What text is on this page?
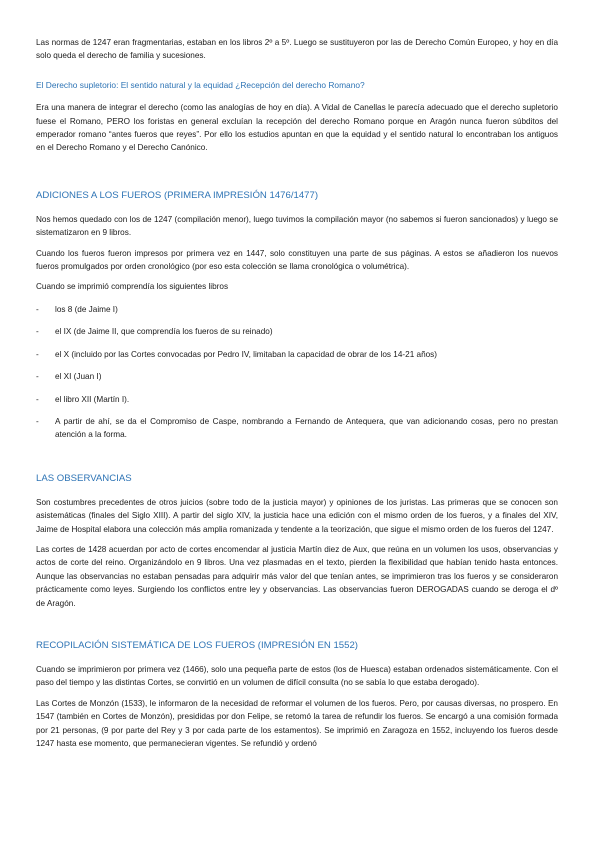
Las normas de 1247 eran fragmentarias, estaban en los libros 2º a 5º. Luego se sustituyeron por las de Derecho Común Europeo, y hoy en día solo queda el derecho de familia y sucesiones.

El Derecho supletorio: El sentido natural y la equidad ¿Recepción del derecho Romano?

Era una manera de integrar el derecho (como las analogías de hoy en día). A Vidal de Canellas le parecía adecuado que el derecho supletorio fuese el Romano, PERO los foristas en general excluían la recepción del derecho Romano porque en Aragón nunca fueron súbditos del emperador romano “antes fueros que reyes”. Por ello los estudios apuntan en que la equidad y el sentido natural lo encontraban los antiguos en el Derecho Romano y el Derecho Canónico.

ADICIONES A LOS FUEROS (PRIMERA IMPRESIÓN 1476/1477)

Nos hemos quedado con los de 1247 (compilación menor), luego tuvimos la compilación mayor (no sabemos si fueron sancionados) y luego se sistematizaron en 9 libros.

Cuando los fueros fueron impresos por primera vez en 1447, solo constituyen una parte de sus páginas. A estos se añadieron los nuevos fueros promulgados por orden cronológico (por eso esta colección se llama cronológica o volumétrica).

Cuando se imprimió comprendía los siguientes libros

- los 8 (de Jaime I)
- el IX (de Jaime II, que comprendía los fueros de su reinado)
- el X (incluido por las Cortes convocadas por Pedro IV, limitaban la capacidad de obrar de los 14-21 años)
- el XI (Juan I)
- el libro XII (Martín I).
- A partir de ahí, se da el Compromiso de Caspe, nombrando a Fernando de Antequera, que van adicionando cosas, pero no prestan atención a la forma.

LAS OBSERVANCIAS

Son costumbres precedentes de otros juicios (sobre todo de la justicia mayor) y opiniones de los juristas. Las primeras que se conocen son asistemáticas (finales del Siglo XIII). A partir del siglo XIV, la justicia hace una edición con el mismo orden de los fueros, y a finales del XIV, Jaime de Hospital elabora una colección más amplia romanizada y tendente a la teorización, que sigue el mismo orden de los fueros del 1247.

Las cortes de 1428 acuerdan por acto de cortes encomendar al justicia Martín diez de Aux, que reúna en un volumen los usos, observancias y actos de corte del reino. Organizándolo en 9 libros. Una vez plasmadas en el texto, pierden la flexibilidad que habían tenido hasta entonces. Aunque las observancias no estaban pensadas para adquirir más valor del que tenían antes, se imprimieron tras los fueros y se consideraron prácticamente como leyes. Surgiendo los conflictos entre ley y observancias. Las observancias fueron DEROGADAS cuando se deroga el dº de Aragón.

RECOPILACIÓN SISTEMÁTICA DE LOS FUEROS (IMPRESIÓN EN 1552)

Cuando se imprimieron por primera vez (1466), solo una pequeña parte de estos (los de Huesca) estaban ordenados sistemáticamente. Con el paso del tiempo y las distintas Cortes, se convirtió en un volumen de difícil consulta (no se sabía lo que estaba derogado).

Las Cortes de Monzón (1533), le informaron de la necesidad de reformar el volumen de los fueros. Pero, por causas diversas, no prospero. En 1547 (también en Cortes de Monzón), presididas por don Felipe, se retomó la tarea de refundir los fueros. Se encargó a una comisión formada por 21 personas, (9 por parte del Rey y 3 por cada parte de los estamentos). Se imprimió en Zaragoza en 1552, incluyendo los fueros desde 1247 hasta ese momento, que permanecieran vigentes. Se refundió y ordenó
